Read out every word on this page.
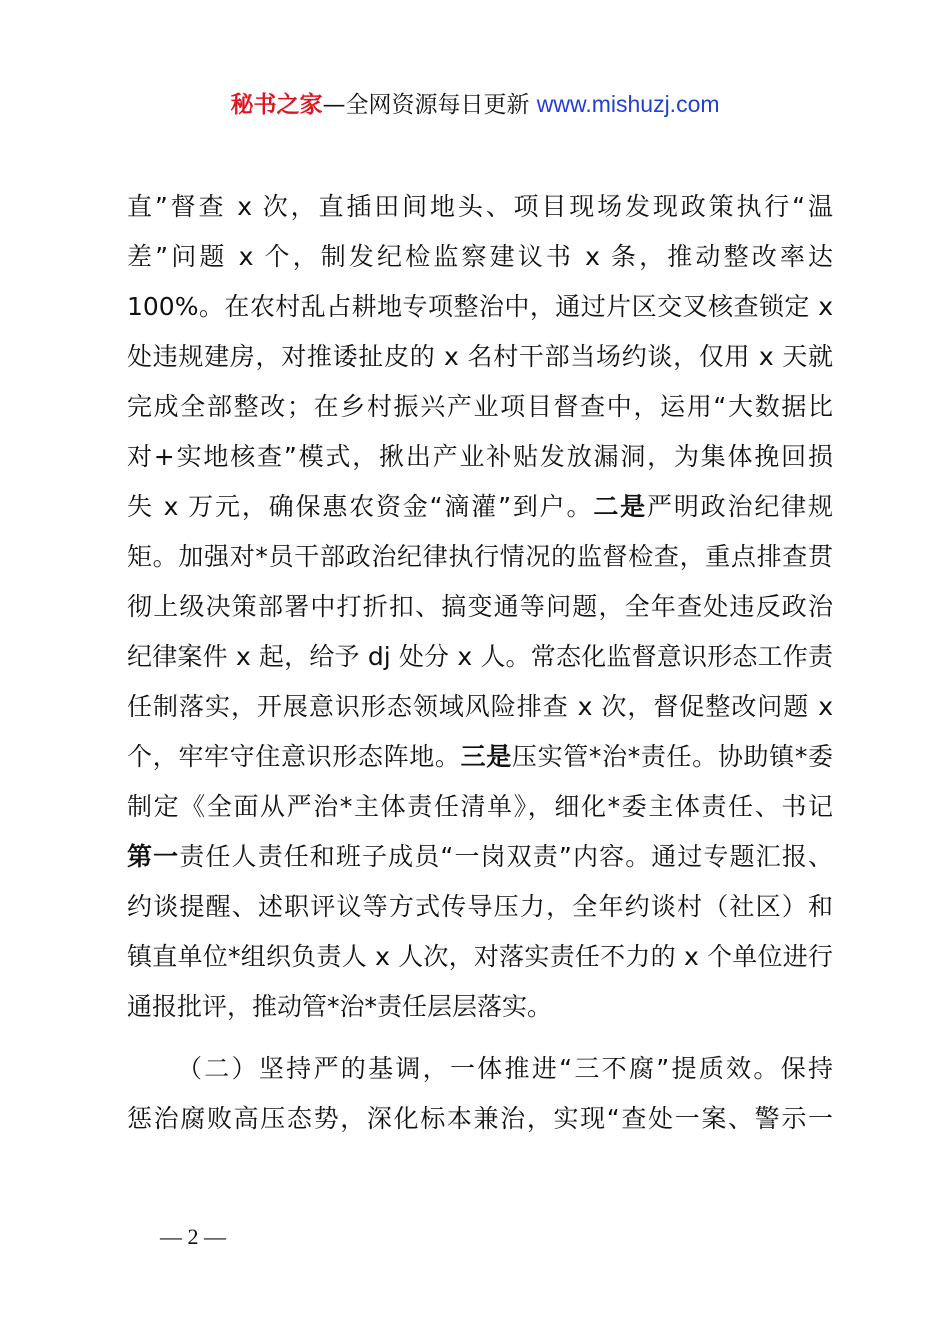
秘书之家—全网资源每日更新 www.mishuzj.com
直”督查 x 次，直插田间地头、项目现场发现政策执行“温
差”问题 x 个，制发纪检监察建议书 x 条，推动整改率达
100%。在农村乱占耕地专项整治中，通过片区交叉核查锁定 x
处违规建房，对推诿扯皮的 x 名村干部当场约谈，仅用 x 天就
完成全部整改；在乡村振兴产业项目督查中，运用“大数据比
对+实地核查”模式，揪出产业补贴发放漏洞，为集体挽回损
失 x 万元，确保惠农资金“滴灌”到户。二是严明政治纪律规
矩。加强对*员干部政治纪律执行情况的监督检查，重点排查贯
彻上级决策部署中打折扣、搞变通等问题，全年查处违反政治
纪律案件 x 起，给予 dj 处分 x 人。常态化监督意识形态工作责
任制落实，开展意识形态领域风险排查 x 次，督促整改问题 x
个，牢牢守住意识形态阵地。三是压实管*治*责任。协助镇*委
制定《全面从严治*主体责任清单》，细化*委主体责任、书记
第一责任人责任和班子成员“一岗双责”内容。通过专题汇报、
约谈提醒、述职评议等方式传导压力，全年约谈村（社区）和
镇直单位*组织负责人 x 人次，对落实责任不力的 x 个单位进行
通报批评，推动管*治*责任层层落实。
（二）坚持严的基调，一体推进“三不腐”提质效。保持
惩治腐败高压态势，深化标本兼治，实现“查处一案、警示一
— 2 —
